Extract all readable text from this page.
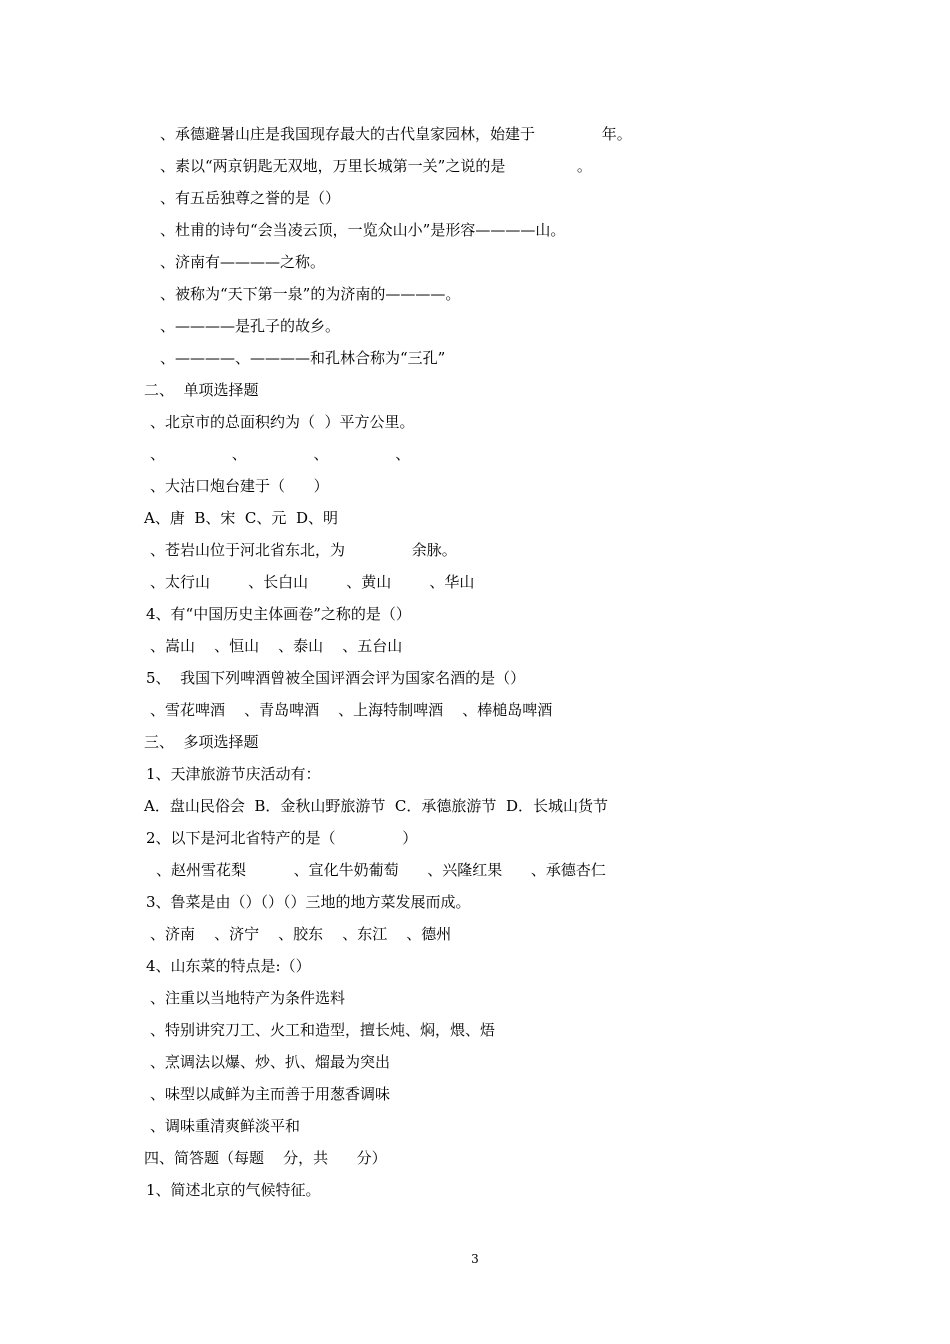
、承德避暑山庄是我国现存最大的古代皇家园林，始建于              年。
、素以“两京钥匙无双地，万里长城第一关”之说的是               。
、有五岳独尊之誉的是（）
、杜甫的诗句“会当凌云顶，一览众山小”是形容————山。
、济南有————之称。
、被称为“天下第一泉”的为济南的————。
、————是孔子的故乡。
、————、————和孔林合称为“三孔”
二、  单项选择题
、北京市的总面积约为（  ）平方公里。
、              、              、              、
、大沽口炮台建于（      ）
A、唐  B、宋  C、元  D、明
、苍岩山位于河北省东北，为              余脉。
、太行山        、长白山        、黄山        、华山
4、有“中国历史主体画卷”之称的是（）
、嵩山    、恒山    、泰山    、五台山
5、  我国下列啤酒曾被全国评酒会评为国家名酒的是（）
、雪花啤酒    、青岛啤酒    、上海特制啤酒    、棒槌岛啤酒
三、  多项选择题
1、天津旅游节庆活动有：
A．盘山民俗会  B．金秋山野旅游节  C．承德旅游节  D．长城山货节
2、以下是河北省特产的是（              ）
、赵州雪花梨          、宣化牛奶葡萄      、兴隆红果      、承德杏仁
3、鲁菜是由（）（）（）三地的地方菜发展而成。
、济南    、济宁    、胶东    、东江    、德州
4、山东菜的特点是:（）
、注重以当地特产为条件选料
、特别讲究刀工、火工和造型，擅长炖、焖，煨、焐
、烹调法以爆、炒、扒、熘最为突出
、味型以咸鲜为主而善于用葱香调味
、调味重清爽鲜淡平和
四、简答题（每题    分，共      分）
1、简述北京的气候特征。
3
